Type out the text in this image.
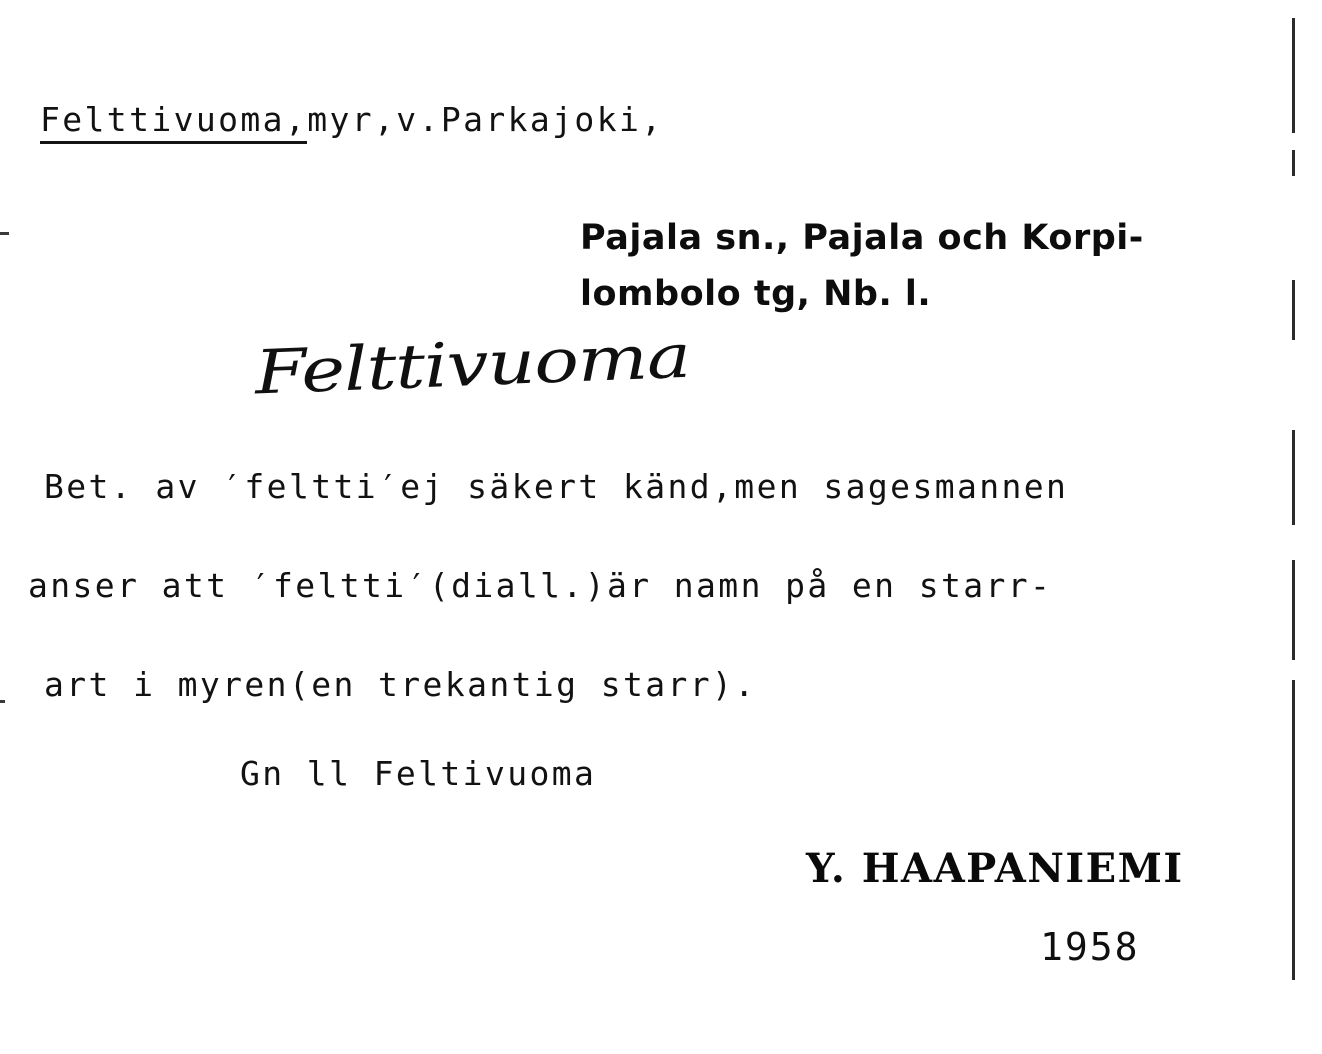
Felttivuoma,myr,v.Parkajoki,
Pajala sn., Pajala och Korpi-
lombolo tg, Nb. l.
Felttivuoma
Bet. av ′feltti′ej säkert känd,men sagesmannen
anser att ′feltti′(diall.)är namn på en starr-
art i myren(en trekantig starr).
Gn ll Feltivuoma
Y. HAAPANIEMI
1958
